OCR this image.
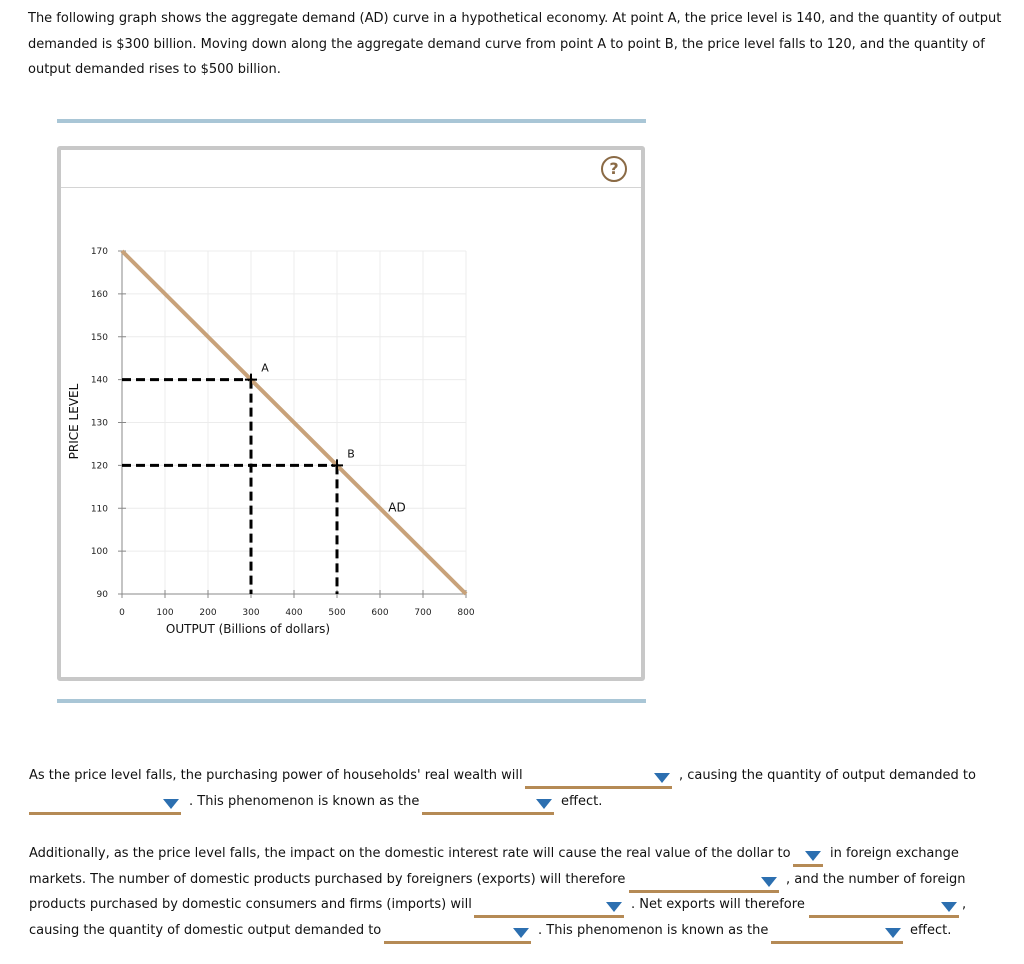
The following graph shows the aggregate demand (AD) curve in a hypothetical economy. At point A, the price level is 140, and the quantity of output demanded is $300 billion. Moving down along the aggregate demand curve from point A to point B, the price level falls to 120, and the quantity of output demanded rises to $500 billion.

?
90
100
110
120
130
140
150
160
170
0	100	200	300	400	500	600	700	800
OUTPUT (Billions of dollars)
PRICE LEVEL
AD
A
B
As the price level falls, the purchasing power of households' real wealth will	, causing the quantity of output demanded to
. This phenomenon is known as the	effect.
Additionally, as the price level falls, the impact on the domestic interest rate will cause the real value of the dollar to	in foreign exchange
markets. The number of domestic products purchased by foreigners (exports) will therefore	, and the number of foreign
products purchased by domestic consumers and firms (imports) will	. Net exports will therefore	,
causing the quantity of domestic output demanded to	. This phenomenon is known as the	effect.
